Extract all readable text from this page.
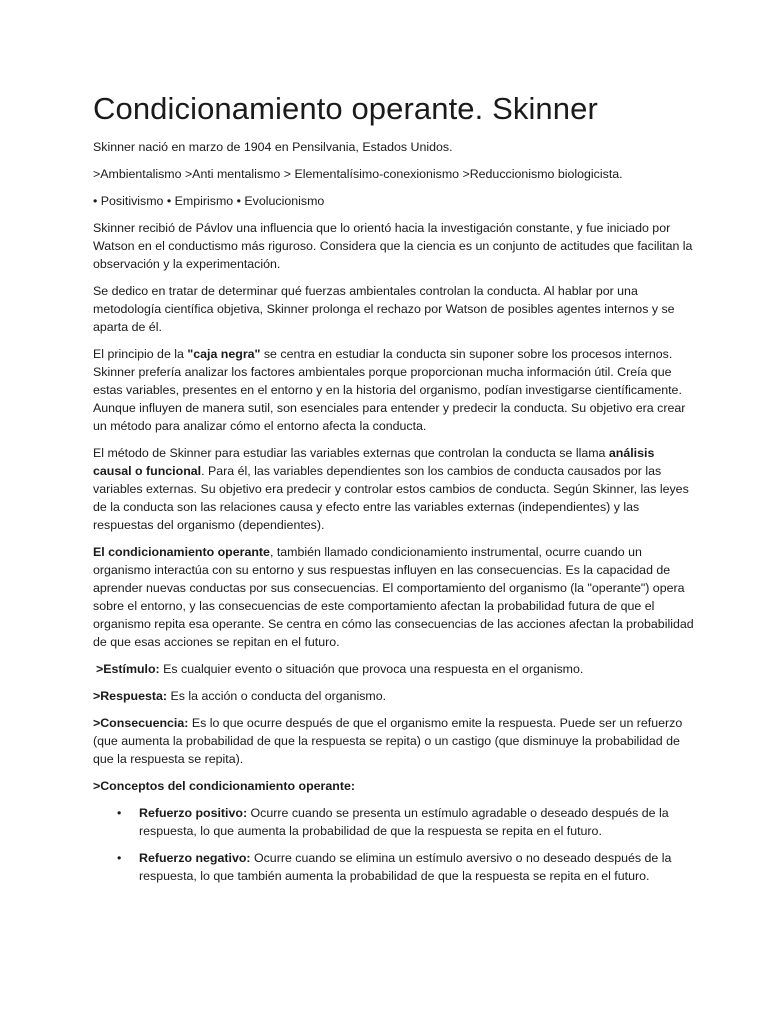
Condicionamiento operante. Skinner

Skinner nació en marzo de 1904 en Pensilvania, Estados Unidos.

>Ambientalismo >Anti mentalismo > Elementalísimo-conexionismo >Reduccionismo biologicista.

• Positivismo • Empirismo • Evolucionismo

Skinner recibió de Pávlov una influencia que lo orientó hacia la investigación constante, y fue iniciado por Watson en el conductismo más riguroso. Considera que la ciencia es un conjunto de actitudes que facilitan la observación y la experimentación.

Se dedico en tratar de determinar qué fuerzas ambientales controlan la conducta. Al hablar por una metodología científica objetiva, Skinner prolonga el rechazo por Watson de posibles agentes internos y se aparta de él.

El principio de la "caja negra" se centra en estudiar la conducta sin suponer sobre los procesos internos. Skinner prefería analizar los factores ambientales porque proporcionan mucha información útil. Creía que estas variables, presentes en el entorno y en la historia del organismo, podían investigarse científicamente. Aunque influyen de manera sutil, son esenciales para entender y predecir la conducta. Su objetivo era crear un método para analizar cómo el entorno afecta la conducta.

El método de Skinner para estudiar las variables externas que controlan la conducta se llama análisis causal o funcional. Para él, las variables dependientes son los cambios de conducta causados por las variables externas. Su objetivo era predecir y controlar estos cambios de conducta. Según Skinner, las leyes de la conducta son las relaciones causa y efecto entre las variables externas (independientes) y las respuestas del organismo (dependientes).

El condicionamiento operante, también llamado condicionamiento instrumental, ocurre cuando un organismo interactúa con su entorno y sus respuestas influyen en las consecuencias. Es la capacidad de aprender nuevas conductas por sus consecuencias. El comportamiento del organismo (la "operante") opera sobre el entorno, y las consecuencias de este comportamiento afectan la probabilidad futura de que el organismo repita esa operante. Se centra en cómo las consecuencias de las acciones afectan la probabilidad de que esas acciones se repitan en el futuro.

>Estímulo: Es cualquier evento o situación que provoca una respuesta en el organismo.

>Respuesta: Es la acción o conducta del organismo.

>Consecuencia: Es lo que ocurre después de que el organismo emite la respuesta. Puede ser un refuerzo (que aumenta la probabilidad de que la respuesta se repita) o un castigo (que disminuye la probabilidad de que la respuesta se repita).

>Conceptos del condicionamiento operante:

• Refuerzo positivo: Ocurre cuando se presenta un estímulo agradable o deseado después de la respuesta, lo que aumenta la probabilidad de que la respuesta se repita en el futuro.
• Refuerzo negativo: Ocurre cuando se elimina un estímulo aversivo o no deseado después de la respuesta, lo que también aumenta la probabilidad de que la respuesta se repita en el futuro.
